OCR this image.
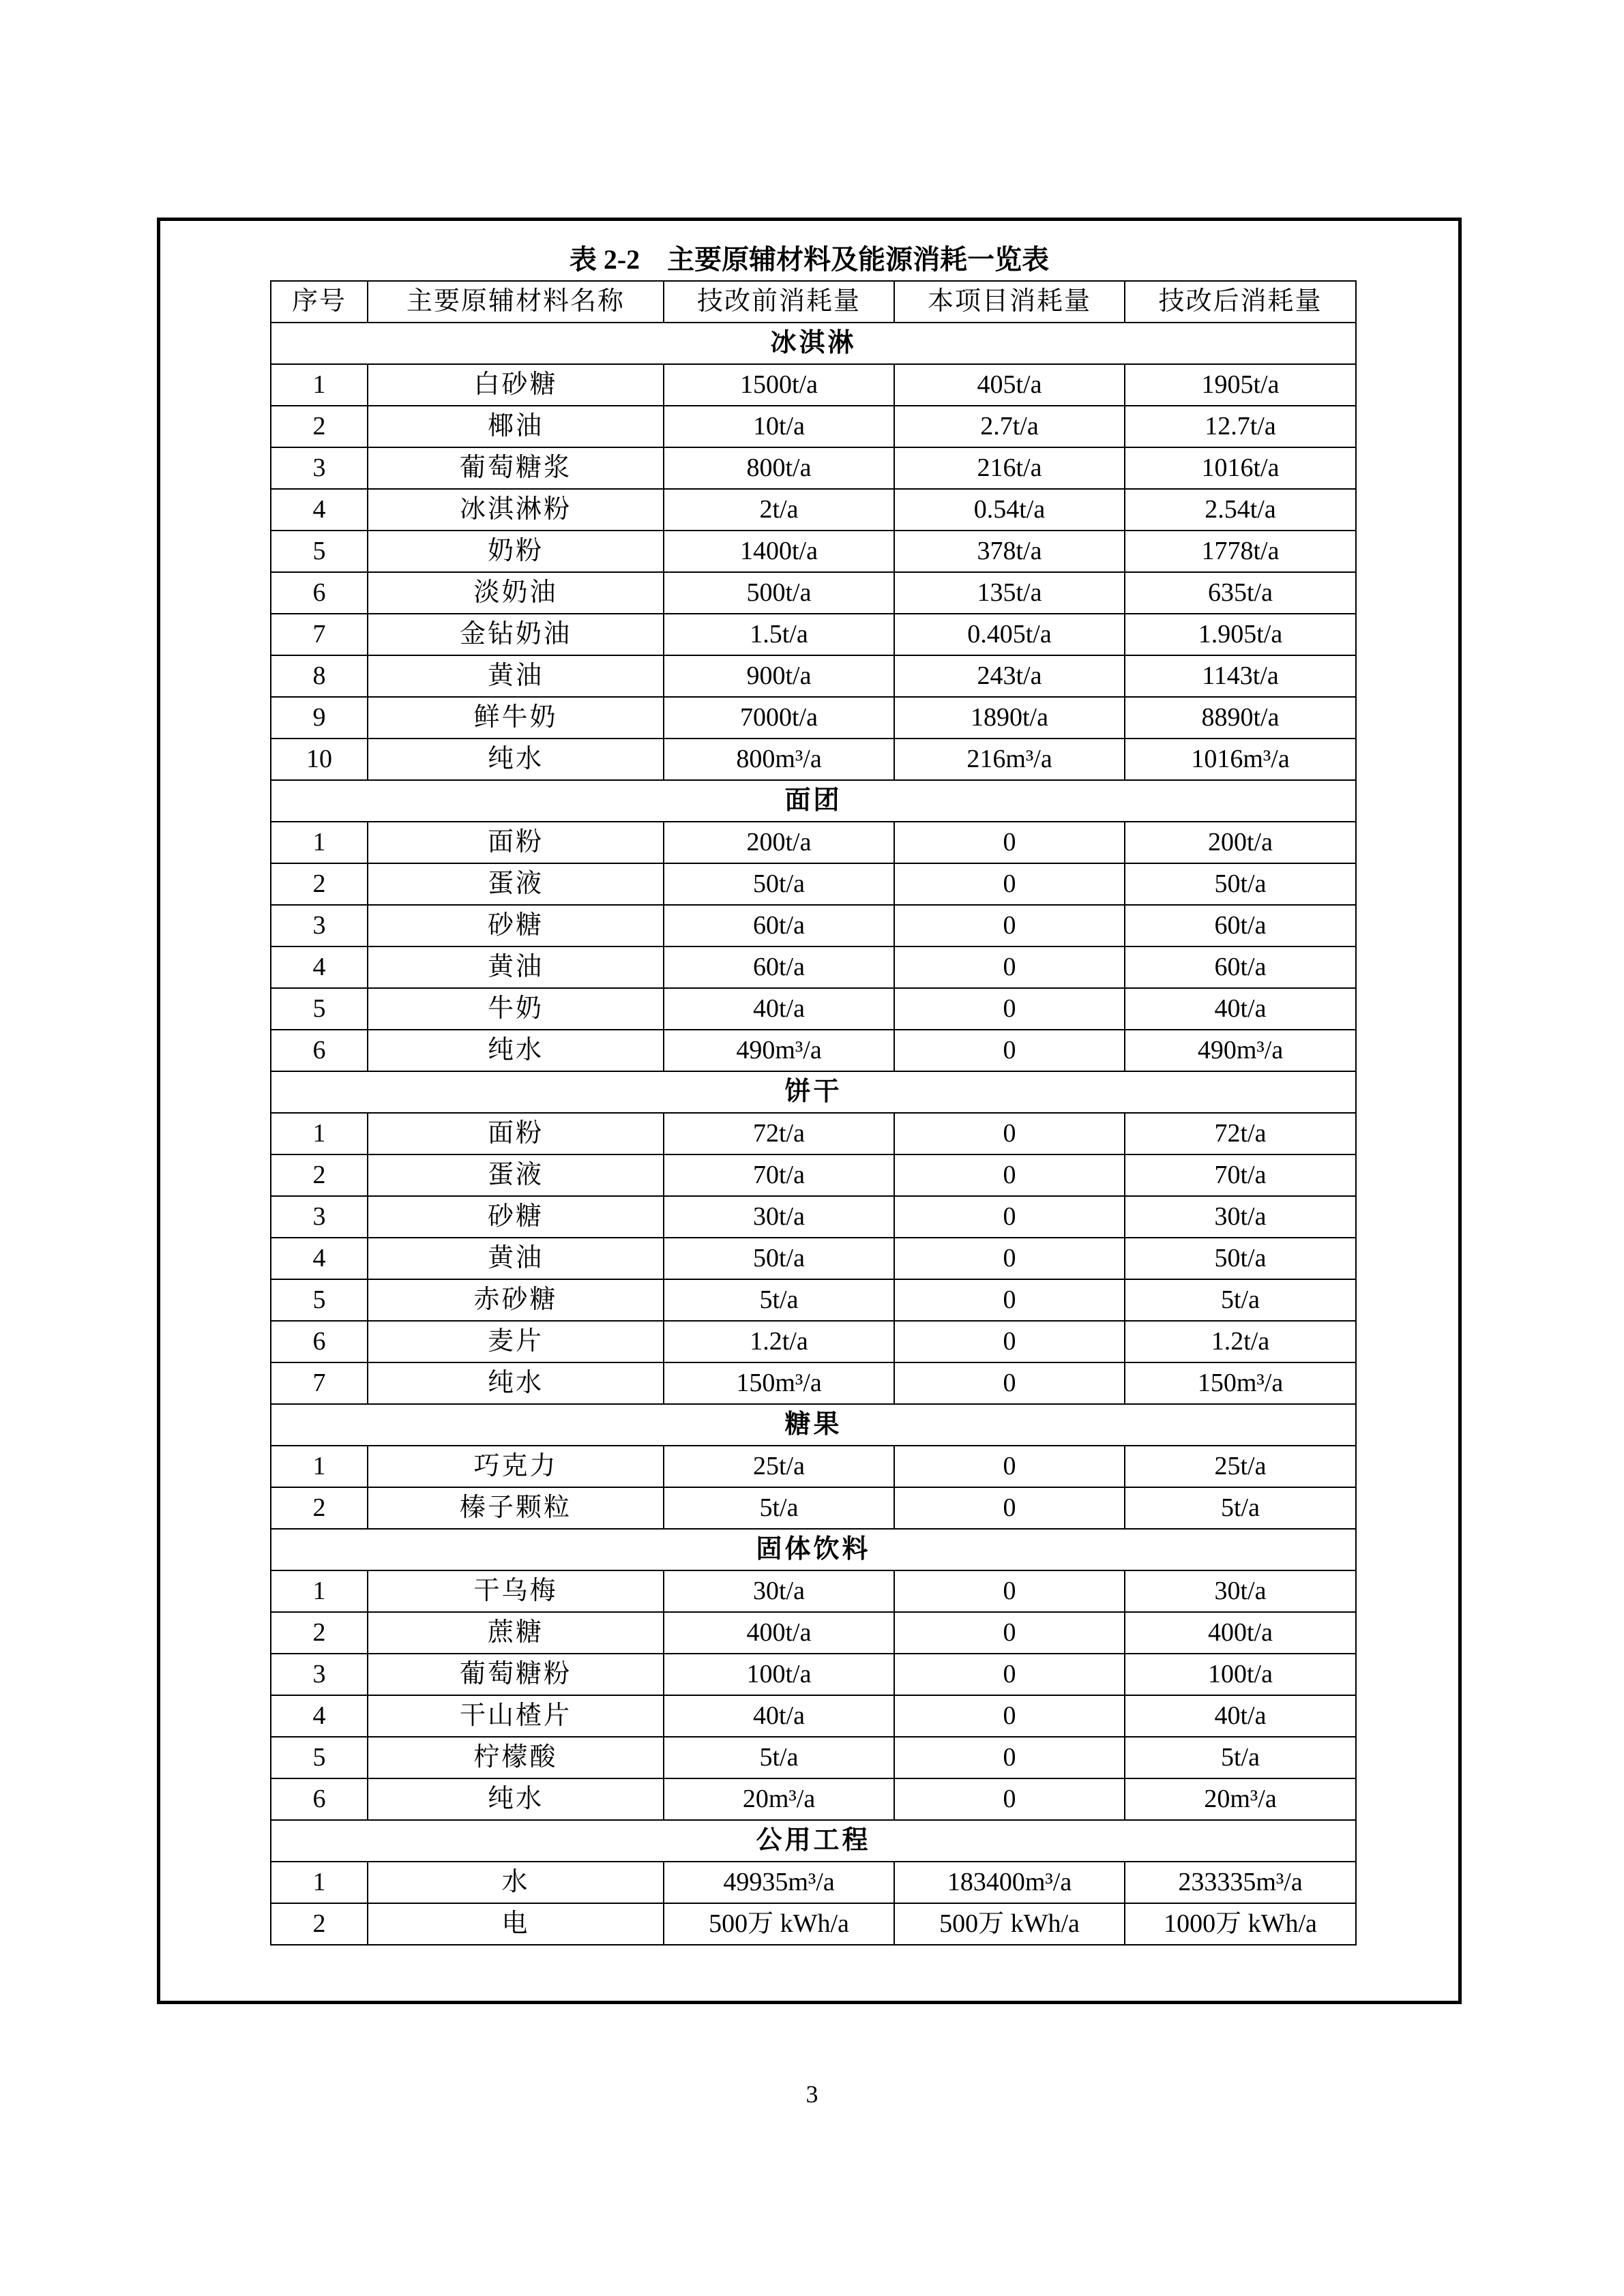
表 2-2    主要原辅材料及能源消耗一览表
序号	主要原辅材料名称	技改前消耗量	本项目消耗量	技改后消耗量
冰淇淋				
1	白砂糖	1500t/a	405t/a	1905t/a
2	椰油	10t/a	2.7t/a	12.7t/a
3	葡萄糖浆	800t/a	216t/a	1016t/a
4	冰淇淋粉	2t/a	0.54t/a	2.54t/a
5	奶粉	1400t/a	378t/a	1778t/a
6	淡奶油	500t/a	135t/a	635t/a
7	金钻奶油	1.5t/a	0.405t/a	1.905t/a
8	黄油	900t/a	243t/a	1143t/a
9	鲜牛奶	7000t/a	1890t/a	8890t/a
10	纯水	800m³/a	216m³/a	1016m³/a
面团				
1	面粉	200t/a	0	200t/a
2	蛋液	50t/a	0	50t/a
3	砂糖	60t/a	0	60t/a
4	黄油	60t/a	0	60t/a
5	牛奶	40t/a	0	40t/a
6	纯水	490m³/a	0	490m³/a
饼干				
1	面粉	72t/a	0	72t/a
2	蛋液	70t/a	0	70t/a
3	砂糖	30t/a	0	30t/a
4	黄油	50t/a	0	50t/a
5	赤砂糖	5t/a	0	5t/a
6	麦片	1.2t/a	0	1.2t/a
7	纯水	150m³/a	0	150m³/a
糖果				
1	巧克力	25t/a	0	25t/a
2	榛子颗粒	5t/a	0	5t/a
固体饮料				
1	干乌梅	30t/a	0	30t/a
2	蔗糖	400t/a	0	400t/a
3	葡萄糖粉	100t/a	0	100t/a
4	干山楂片	40t/a	0	40t/a
5	柠檬酸	5t/a	0	5t/a
6	纯水	20m³/a	0	20m³/a
公用工程				
1	水	49935m³/a	183400m³/a	233335m³/a
2	电	500万 kWh/a	500万 kWh/a	1000万 kWh/a
3
